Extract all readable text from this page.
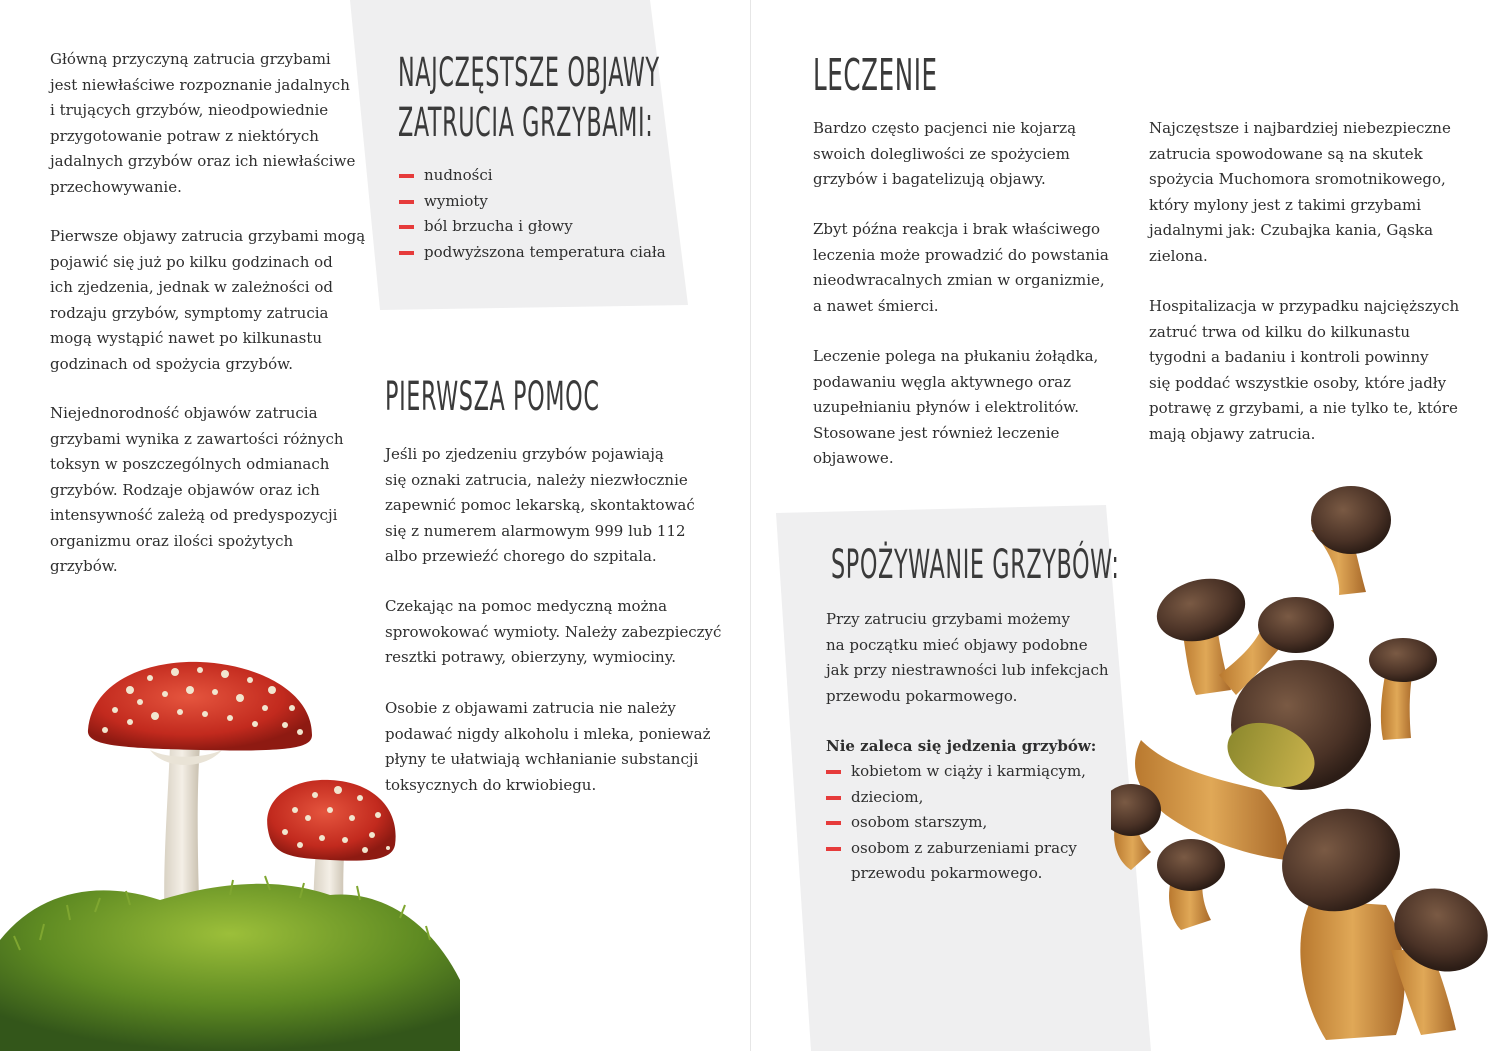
Główną przyczyną zatrucia grzybami
jest niewłaściwe rozpoznanie jadalnych
i trujących grzybów, nieodpowiednie
przygotowanie potraw z niektórych
jadalnych grzybów oraz ich niewłaściwe
przechowywanie.

Pierwsze objawy zatrucia grzybami mogą
pojawić się już po kilku godzinach od
ich zjedzenia, jednak w zależności od
rodzaju grzybów, symptomy zatrucia
mogą wystąpić nawet po kilkunastu
godzinach od spożycia grzybów.

Niejednorodność objawów zatrucia
grzybami wynika z zawartości różnych
toksyn w poszczególnych odmianach
grzybów. Rodzaje objawów oraz ich
intensywność zależą od predyspozycji
organizmu oraz ilości spożytych
grzybów.

NAJCZĘSTSZE OBJAWY
ZATRUCIA GRZYBAMI:
nudności
wymioty
ból brzucha i głowy
podwyższona temperatura ciała
PIERWSZA POMOC

Jeśli po zjedzeniu grzybów pojawiają
się oznaki zatrucia, należy niezwłocznie
zapewnić pomoc lekarską, skontaktować
się z numerem alarmowym 999 lub 112
albo przewieźć chorego do szpitala.

Czekając na pomoc medyczną można
sprowokować wymioty. Należy zabezpieczyć
resztki potrawy, obierzyny, wymiociny.

Osobie z objawami zatrucia nie należy
podawać nigdy alkoholu i mleka, ponieważ
płyny te ułatwiają wchłanianie substancji
toksycznych do krwiobiegu.

LECZENIE

Bardzo często pacjenci nie kojarzą
swoich dolegliwości ze spożyciem
grzybów i bagatelizują objawy.

Zbyt późna reakcja i brak właściwego
leczenia może prowadzić do powstania
nieodwracalnych zmian w organizmie,
a nawet śmierci.

Leczenie polega na płukaniu żołądka,
podawaniu węgla aktywnego oraz
uzupełnianiu płynów i elektrolitów.
Stosowane jest również leczenie
objawowe.

Najczęstsze i najbardziej niebezpieczne
zatrucia spowodowane są na skutek
spożycia Muchomora sromotnikowego,
który mylony jest z takimi grzybami
jadalnymi jak: Czubajka kania, Gąska
zielona.

Hospitalizacja w przypadku najcięższych
zatruć trwa od kilku do kilkunastu
tygodni a badaniu i kontroli powinny
się poddać wszystkie osoby, które jadły
potrawę z grzybami, a nie tylko te, które
mają objawy zatrucia.

SPOŻYWANIE GRZYBÓW:

Przy zatruciu grzybami możemy
na początku mieć objawy podobne
jak przy niestrawności lub infekcjach
przewodu pokarmowego.

Nie zaleca się jedzenia grzybów:

kobietom w ciąży i karmiącym,
dzieciom,
osobom starszym,
osobom z zaburzeniami pracy
przewodu pokarmowego.
